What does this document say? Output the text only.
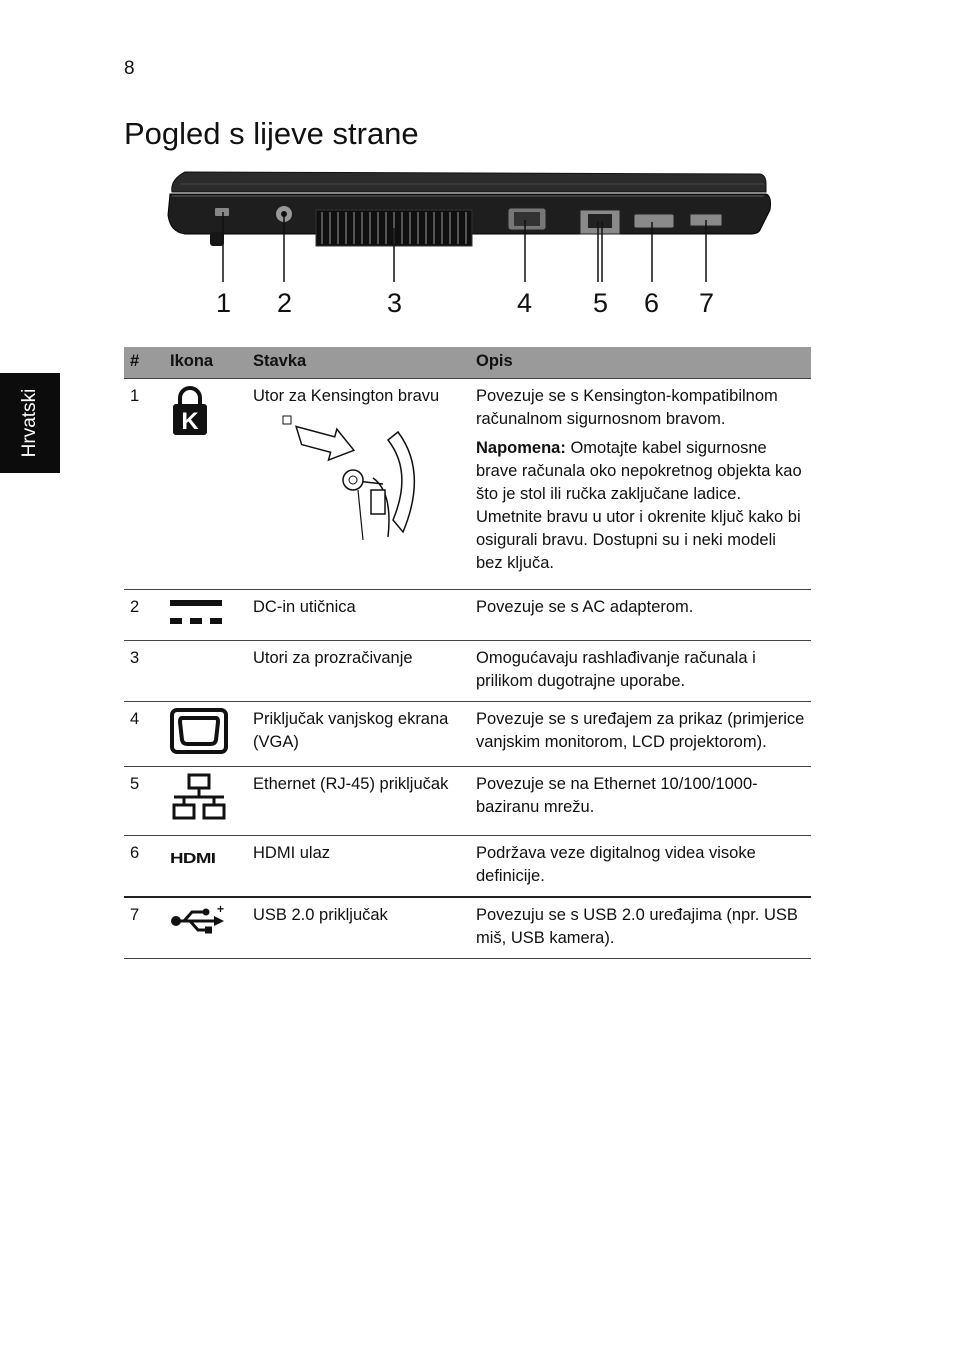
8
Pogled s lijeve strane
Hrvatski
1 2	3	4 5 6 7
#	Ikona	Stavka	Opis
1	K	Utor za Kensington bravu	Povezuje se s Kensington-kompatibilnom računalnom sigurnosnom bravom.

Napomena: Omotajte kabel sigurnosne brave računala oko nepokretnog objekta kao što je stol ili ručka zaključane ladice. Umetnite bravu u utor i okrenite ključ kako bi osigurali bravu. Dostupni su i neki modeli bez ključa.

2		DC-in utičnica	Povezuje se s AC adapterom.
3		Utori za prozračivanje	Omogućavaju rashlađivanje računala i prilikom dugotrajne uporabe.
4		Priključak vanjskog ekrana (VGA)	Povezuje se s uređajem za prikaz (primjerice vanjskim monitorom, LCD projektorom).
5		Ethernet (RJ-45) priključak	Povezuje se na Ethernet 10/100/1000-baziranu mrežu.
6	HDMI	HDMI ulaz	Podržava veze digitalnog videa visoke definicije.
7	+	USB 2.0 priključak	Povezuju se s USB 2.0 uređajima (npr. USB miš, USB kamera).
